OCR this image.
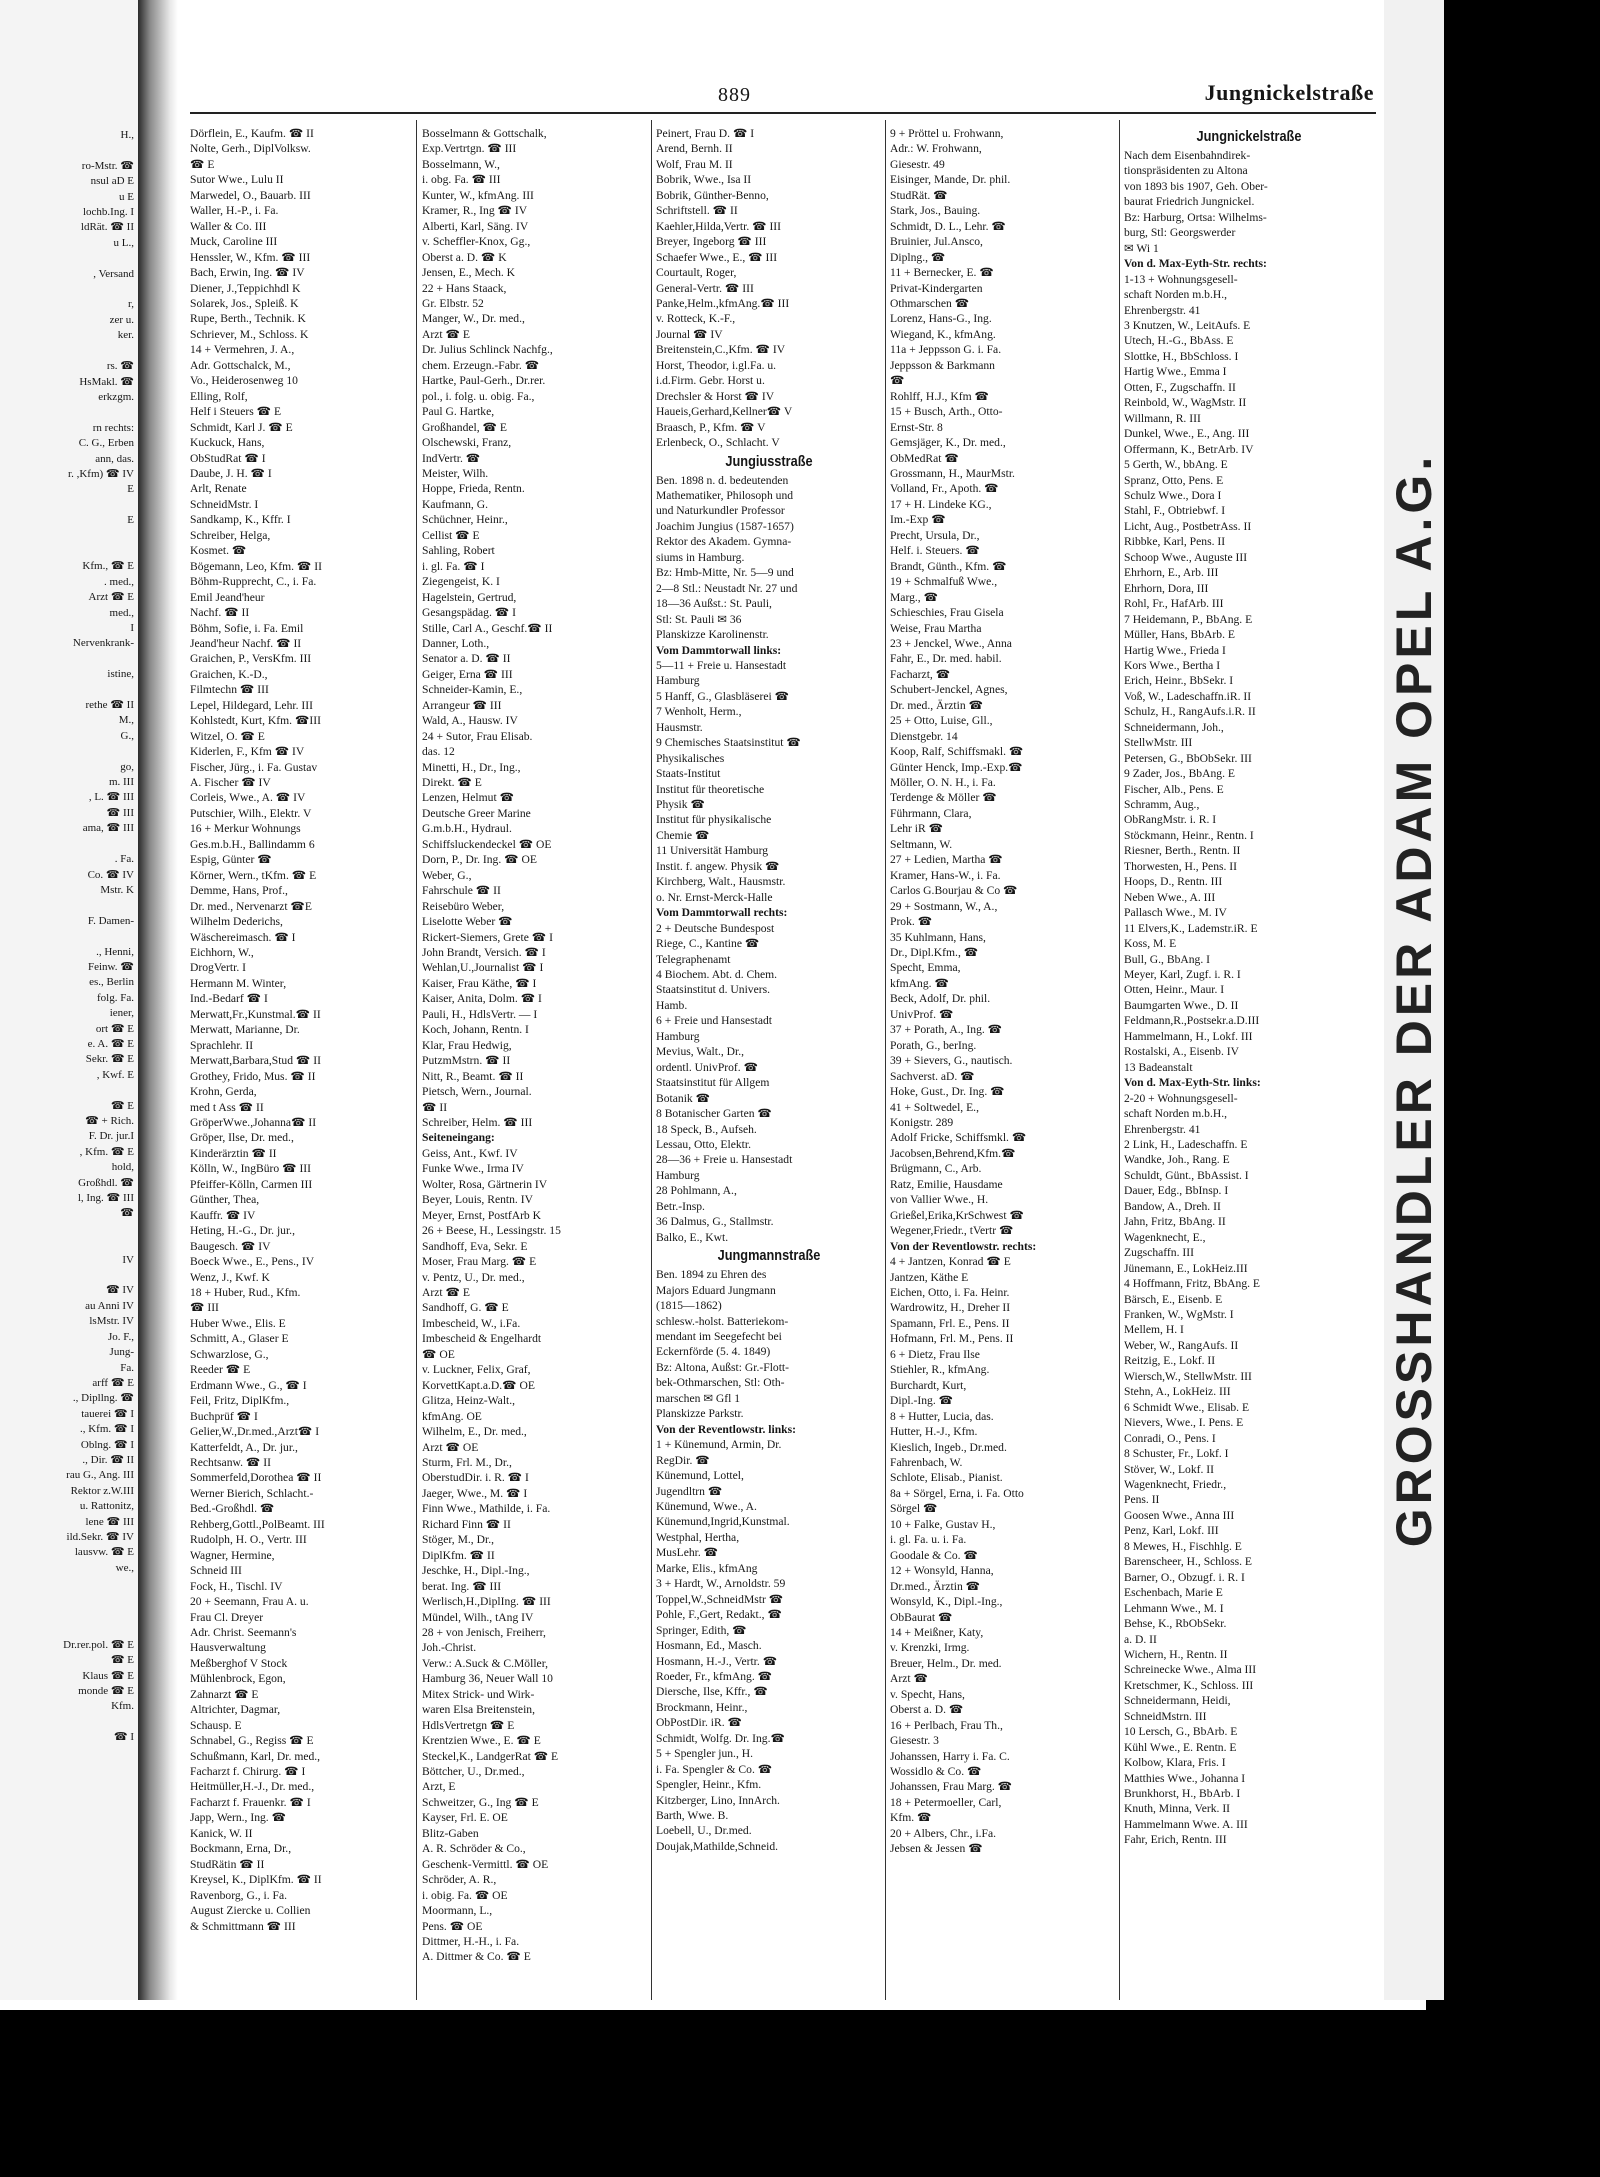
H.,

ro-Mstr. ☎
nsul aD E
u E
lochb.Ing. I
ldRät. ☎ II
u L.,

, Versand

r,
zer u.
ker.

rs. ☎
HsMakl. ☎
erkzgm.

rn rechts:
C. G., Erben
ann, das.
r. ,Kfm) ☎ IV
E

E

Kfm., ☎ E
. med.,
Arzt ☎ E
med.,
I
Nervenkrank-

istine,

rethe ☎ II
M.,
G.,

go,
m. III
, L. ☎ III
☎ III
ama, ☎ III

. Fa.
Co. ☎ IV
Mstr. K

F. Damen-

., Henni,
Feinw. ☎
es., Berlin
folg. Fa.
iener,
ort ☎ E
e. A. ☎ E
Sekr. ☎ E
, Kwf. E

☎ E
☎ + Rich.
F. Dr. jur.I
, Kfm. ☎ E
hold,
Großhdl. ☎
l, Ing. ☎ III
☎

IV

☎ IV
au Anni IV
lsMstr. IV
Jo. F.,
Jung-
Fa.
arff ☎ E
., Dipllng. ☎
tauerei ☎ I
., Kfm. ☎ I
Oblng. ☎ I
., Dir. ☎ II
rau G., Ang. III
Rektor z.W.III
u. Rattonitz,
lene ☎ III
ild.Sekr. ☎ IV
lausvw. ☎ E
we.,

Dr.rer.pol. ☎ E
☎ E
Klaus ☎ E
monde ☎ E
Kfm.

☎ I
889	Jungnickelstraße
Dörflein, E., Kaufm. ☎ II
Nolte, Gerh., DiplVolksw.
☎ E
Sutor Wwe., Lulu II
Marwedel, O., Bauarb. III
Waller, H.-P., i. Fa.
Waller & Co. III
Muck, Caroline III
Henssler, W., Kfm. ☎ III
Bach, Erwin, Ing. ☎ IV
Diener, J.,Teppichhdl K
Solarek, Jos., Spleiß. K
Rupe, Berth., Technik. K
Schriever, M., Schloss. K
14 + Vermehren, J. A.,
Adr. Gottschalck, M.,
Vo., Heiderosenweg 10
Elling, Rolf,
Helf i Steuers ☎ E
Schmidt, Karl J. ☎ E
Kuckuck, Hans,
ObStudRat ☎ I
Daube, J. H. ☎ I
Arlt, Renate
SchneidMstr. I
Sandkamp, K., Kffr. I
Schreiber, Helga,
Kosmet. ☎
Bögemann, Leo, Kfm. ☎ II
Böhm-Rupprecht, C., i. Fa.
Emil Jeand'heur
Nachf. ☎ II
Böhm, Sofie, i. Fa. Emil
Jeand'heur Nachf. ☎ II
Graichen, P., VersKfm. III
Graichen, K.-D.,
Filmtechn ☎ III
Lepel, Hildegard, Lehr. III
Kohlstedt, Kurt, Kfm. ☎III
Witzel, O. ☎ E
Kiderlen, F., Kfm ☎ IV
Fischer, Jürg., i. Fa. Gustav
A. Fischer ☎ IV
Corleis, Wwe., A. ☎ IV
Putschier, Wilh., Elektr. V
16 + Merkur Wohnungs
Ges.m.b.H., Ballindamm 6
Espig, Günter ☎
Körner, Wern., tKfm. ☎ E
Demme, Hans, Prof.,
Dr. med., Nervenarzt ☎E
Wilhelm Dederichs,
Wäschereimasch. ☎ I
Eichhorn, W.,
DrogVertr. I
Hermann M. Winter,
Ind.-Bedarf ☎ I
Merwatt,Fr.,Kunstmal.☎ II
Merwatt, Marianne, Dr.
Sprachlehr. II
Merwatt,Barbara,Stud ☎ II
Grothey, Frido, Mus. ☎ II
Krohn, Gerda,
med t Ass ☎ II
GröperWwe.,Johanna☎ II
Gröper, Ilse, Dr. med.,
Kinderärztin ☎ II
Kölln, W., IngBüro ☎ III
Pfeiffer-Kölln, Carmen III
Günther, Thea,
Kauffr. ☎ IV
Heting, H.-G., Dr. jur.,
Baugesch. ☎ IV
Boeck Wwe., E., Pens., IV
Wenz, J., Kwf. K
18 + Huber, Rud., Kfm.
☎ III
Huber Wwe., Elis. E
Schmitt, A., Glaser E
Schwarzlose, G.,
Reeder ☎ E
Erdmann Wwe., G., ☎ I
Feil, Fritz, DiplKfm.,
Buchprüf ☎ I
Gelier,W.,Dr.med.,Arzt☎ I
Katterfeldt, A., Dr. jur.,
Rechtsanw. ☎ II
Sommerfeld,Dorothea ☎ II
Werner Bierich, Schlacht.-
Bed.-Großhdl. ☎
Rehberg,Gottl.,PolBeamt. III
Rudolph, H. O., Vertr. III
Wagner, Hermine,
Schneid III
Fock, H., Tischl. IV
20 + Seemann, Frau A. u.
Frau Cl. Dreyer
Adr. Christ. Seemann's
Hausverwaltung
Meßberghof V Stock
Mühlenbrock, Egon,
Zahnarzt ☎ E
Altrichter, Dagmar,
Schausp. E
Schnabel, G., Regiss ☎ E
Schußmann, Karl, Dr. med.,
Facharzt f. Chirurg. ☎ I
Heitmüller,H.-J., Dr. med.,
Facharzt f. Frauenkr. ☎ I
Japp, Wern., Ing. ☎
Kanick, W. II
Bockmann, Erna, Dr.,
StudRätin ☎ II
Kreysel, K., DiplKfm. ☎ II
Ravenborg, G., i. Fa.
August Ziercke u. Collien
& Schmittmann ☎ III
Bosselmann & Gottschalk,
Exp.Vertrtgn. ☎ III
Bosselmann, W.,
i. obg. Fa. ☎ III
Kunter, W., kfmAng. III
Kramer, R., Ing ☎ IV
Alberti, Karl, Säng. IV
v. Scheffler-Knox, Gg.,
Oberst a. D. ☎ K
Jensen, E., Mech. K
22 + Hans Staack,
Gr. Elbstr. 52
Manger, W., Dr. med.,
Arzt ☎ E
Dr. Julius Schlinck Nachfg.,
chem. Erzeugn.-Fabr. ☎
Hartke, Paul-Gerh., Dr.rer.
pol., i. folg. u. obig. Fa.,
Paul G. Hartke,
Großhandel, ☎ E
Olschewski, Franz,
IndVertr. ☎
Meister, Wilh.
Hoppe, Frieda, Rentn.
Kaufmann, G.
Schüchner, Heinr.,
Cellist ☎ E
Sahling, Robert
i. gl. Fa. ☎ I
Ziegengeist, K. I
Hagelstein, Gertrud,
Gesangspädag. ☎ I
Stille, Carl A., Geschf.☎ II
Danner, Loth.,
Senator a. D. ☎ II
Geiger, Erna ☎ III
Schneider-Kamin, E.,
Arrangeur ☎ III
Wald, A., Hausw. IV
24 + Sutor, Frau Elisab.
das. 12
Minetti, H., Dr., Ing.,
Direkt. ☎ E
Lenzen, Helmut ☎
Deutsche Greer Marine
G.m.b.H., Hydraul.
Schiffsluckendeckel ☎ OE
Dorn, P., Dr. Ing. ☎ OE
Weber, G.,
Fahrschule ☎ II
Reisebüro Weber,
Liselotte Weber ☎
Rickert-Siemers, Grete ☎ I
John Brandt, Versich. ☎ I
Wehlan,U.,Journalist ☎ I
Kaiser, Frau Käthe, ☎ I
Kaiser, Anita, Dolm. ☎ I
Pauli, H., HdlsVertr. — I
Koch, Johann, Rentn. I
Klar, Frau Hedwig,
PutzmMstrn. ☎ II
Nitt, R., Beamt. ☎ II
Pietsch, Wern., Journal.
☎ II
Schreiber, Helm. ☎ III
Seiteneingang:
Geiss, Ant., Kwf. IV
Funke Wwe., Irma IV
Wolter, Rosa, Gärtnerin IV
Beyer, Louis, Rentn. IV
Meyer, Ernst, PostfArb K
26 + Beese, H., Lessingstr. 15
Sandhoff, Eva, Sekr. E
Moser, Frau Marg. ☎ E
v. Pentz, U., Dr. med.,
Arzt ☎ E
Sandhoff, G. ☎ E
Imbescheid, W., i.Fa.
Imbescheid & Engelhardt
☎ OE
v. Luckner, Felix, Graf,
KorvettKapt.a.D.☎ OE
Glitza, Heinz-Walt.,
kfmAng. OE
Wilhelm, E., Dr. med.,
Arzt ☎ OE
Sturm, Frl. M., Dr.,
OberstudDir. i. R. ☎ I
Jaeger, Wwe., M. ☎ I
Finn Wwe., Mathilde, i. Fa.
Richard Finn ☎ II
Stöger, M., Dr.,
DiplKfm. ☎ II
Jeschke, H., Dipl.-Ing.,
berat. Ing. ☎ III
Werlisch,H.,DiplIng. ☎ III
Mündel, Wilh., tAng IV
28 + von Jenisch, Freiherr,
Joh.-Christ.
Verw.: A.Suck & C.Möller,
Hamburg 36, Neuer Wall 10
Mitex Strick- und Wirk-
waren Elsa Breitenstein,
HdlsVertretgn ☎ E
Krentzien Wwe., E. ☎ E
Steckel,K., LandgerRat ☎ E
Böttcher, U., Dr.med.,
Arzt, E
Schweitzer, G., Ing ☎ E
Kayser, Frl. E. OE
Blitz-Gaben
A. R. Schröder & Co.,
Geschenk-Vermittl. ☎ OE
Schröder, A. R.,
i. obig. Fa. ☎ OE
Moormann, L.,
Pens. ☎ OE
Dittmer, H.-H., i. Fa.
A. Dittmer & Co. ☎ E
Peinert, Frau D. ☎ I
Arend, Bernh. II
Wolf, Frau M. II
Bobrik, Wwe., Isa II
Bobrik, Günther-Benno,
Schriftstell. ☎ II
Kaehler,Hilda,Vertr. ☎ III
Breyer, Ingeborg ☎ III
Schaefer Wwe., E., ☎ III
Courtault, Roger,
General-Vertr. ☎ III
Panke,Helm.,kfmAng.☎ III
v. Rotteck, K.-F.,
Journal ☎ IV
Breitenstein,C.,Kfm. ☎ IV
Horst, Theodor, i.gl.Fa. u.
i.d.Firm. Gebr. Horst u.
Drechsler & Horst ☎ IV
Haueis,Gerhard,Kellner☎ V
Braasch, P., Kfm. ☎ V
Erlenbeck, O., Schlacht. V
Jungiusstraße
Ben. 1898 n. d. bedeutenden
Mathematiker, Philosoph und
und Naturkundler Professor
Joachim Jungius (1587-1657)
Rektor des Akadem. Gymna-
siums in Hamburg.
Bz: Hmb-Mitte, Nr. 5—9 und
2—8 Stl.: Neustadt Nr. 27 und
18—36 Außst.: St. Pauli,
Stl: St. Pauli ✉ 36
Planskizze Karolinenstr.
Vom Dammtorwall links:
5—11 + Freie u. Hansestadt
Hamburg
5 Hanff, G., Glasbläserei ☎
7 Wenholt, Herm.,
Hausmstr.
9 Chemisches Staatsinstitut ☎
Physikalisches
Staats-Institut
Institut für theoretische
Physik ☎
Institut für physikalische
Chemie ☎
11 Universität Hamburg
Instit. f. angew. Physik ☎
Kirchberg, Walt., Hausmstr.
o. Nr. Ernst-Merck-Halle
Vom Dammtorwall rechts:
2 + Deutsche Bundespost
Riege, C., Kantine ☎
Telegraphenamt
4 Biochem. Abt. d. Chem.
Staatsinstitut d. Univers.
Hamb.
6 + Freie und Hansestadt
Hamburg
Mevius, Walt., Dr.,
ordentl. UnivProf. ☎
Staatsinstitut für Allgem
Botanik ☎
8 Botanischer Garten ☎
18 Speck, B., Aufseh.
Lessau, Otto, Elektr.
28—36 + Freie u. Hansestadt
Hamburg
28 Pohlmann, A.,
Betr.-Insp.
36 Dalmus, G., Stallmstr.
Balko, E., Kwt.
Jungmannstraße
Ben. 1894 zu Ehren des
Majors Eduard Jungmann
(1815—1862)
schlesw.-holst. Batteriekom-
mendant im Seegefecht bei
Eckernförde (5. 4. 1849)
Bz: Altona, Außst: Gr.-Flott-
bek-Othmarschen, Stl: Oth-
marschen ✉ Gfl 1
Planskizze Parkstr.
Von der Reventlowstr. links:
1 + Künemund, Armin, Dr.
RegDir. ☎
Künemund, Lottel,
Jugendltrn ☎
Künemund, Wwe., A.
Künemund,Ingrid,Kunstmal.
Westphal, Hertha,
MusLehr. ☎
Marke, Elis., kfmAng
3 + Hardt, W., Arnoldstr. 59
Toppel,W.,SchneidMstr ☎
Pohle, F.,Gert, Redakt., ☎
Springer, Edith, ☎
Hosmann, Ed., Masch.
Hosmann, H.-J., Vertr. ☎
Roeder, Fr., kfmAng. ☎
Diersche, Ilse, Kffr., ☎
Brockmann, Heinr.,
ObPostDir. iR. ☎
Schmidt, Wolfg. Dr. Ing.☎
5 + Spengler jun., H.
i. Fa. Spengler & Co. ☎
Spengler, Heinr., Kfm.
Kitzberger, Lino, InnArch.
Barth, Wwe. B.
Loebell, U., Dr.med.
Doujak,Mathilde,Schneid.
9 + Pröttel u. Frohwann,
Adr.: W. Frohwann,
Giesestr. 49
Eisinger, Mande, Dr. phil.
StudRät. ☎
Stark, Jos., Bauing.
Schmidt, D. L., Lehr. ☎
Bruinier, Jul.Ansco,
Diplng., ☎
11 + Bernecker, E. ☎
Privat-Kindergarten
Othmarschen ☎
Lorenz, Hans-G., Ing.
Wiegand, K., kfmAng.
11a + Jeppsson G. i. Fa.
Jeppsson & Barkmann
☎
Rohlff, H.J., Kfm ☎
15 + Busch, Arth., Otto-
Ernst-Str. 8
Gemsjäger, K., Dr. med.,
ObMedRat ☎
Grossmann, H., MaurMstr.
Volland, Fr., Apoth. ☎
17 + H. Lindeke KG.,
Im.-Exp ☎
Precht, Ursula, Dr.,
Helf. i. Steuers. ☎
Brandt, Günth., Kfm. ☎
19 + Schmalfuß Wwe.,
Marg., ☎
Schieschies, Frau Gisela
Weise, Frau Martha
23 + Jenckel, Wwe., Anna
Fahr, E., Dr. med. habil.
Facharzt, ☎
Schubert-Jenckel, Agnes,
Dr. med., Ärztin ☎
25 + Otto, Luise, Gll.,
Dienstgebr. 14
Koop, Ralf, Schiffsmakl. ☎
Günter Henck, Imp.-Exp.☎
Möller, O. N. H., i. Fa.
Terdenge & Möller ☎
Führmann, Clara,
Lehr iR ☎
Seltmann, W.
27 + Ledien, Martha ☎
Kramer, Hans-W., i. Fa.
Carlos G.Bourjau & Co ☎
29 + Sostmann, W., A.,
Prok. ☎
35 Kuhlmann, Hans,
Dr., Dipl.Kfm., ☎
Specht, Emma,
kfmAng. ☎
Beck, Adolf, Dr. phil.
UnivProf. ☎
37 + Porath, A., Ing. ☎
Porath, G., berIng.
39 + Sievers, G., nautisch.
Sachverst. aD. ☎
Hoke, Gust., Dr. Ing. ☎
41 + Soltwedel, E.,
Konigstr. 289
Adolf Fricke, Schiffsmkl. ☎
Jacobsen,Behrend,Kfm.☎
Brügmann, C., Arb.
Ratz, Emilie, Hausdame
von Vallier Wwe., H.
Grießel,Erika,KrSchwest ☎
Wegener,Friedr., tVertr ☎
Von der Reventlowstr. rechts:
4 + Jantzen, Konrad ☎ E
Jantzen, Käthe E
Eichen, Otto, i. Fa. Heinr.
Wardrowitz, H., Dreher II
Spamann, Frl. E., Pens. II
Hofmann, Frl. M., Pens. II
6 + Dietz, Frau Ilse
Stiehler, R., kfmAng.
Burchardt, Kurt,
Dipl.-Ing. ☎
8 + Hutter, Lucia, das.
Hutter, H.-J., Kfm.
Kieslich, Ingeb., Dr.med.
Fahrenbach, W.
Schlote, Elisab., Pianist.
8a + Sörgel, Erna, i. Fa. Otto
Sörgel ☎
10 + Falke, Gustav H.,
i. gl. Fa. u. i. Fa.
Goodale & Co. ☎
12 + Wonsyld, Hanna,
Dr.med., Ärztin ☎
Wonsyld, K., Dipl.-Ing.,
ObBaurat ☎
14 + Meißner, Katy,
v. Krenzki, Irmg.
Breuer, Helm., Dr. med.
Arzt ☎
v. Specht, Hans,
Oberst a. D. ☎
16 + Perlbach, Frau Th.,
Giesestr. 3
Johanssen, Harry i. Fa. C.
Wossidlo & Co. ☎
Johanssen, Frau Marg. ☎
18 + Petermoeller, Carl,
Kfm. ☎
20 + Albers, Chr., i.Fa.
Jebsen & Jessen ☎
Jungnickelstraße
Nach dem Eisenbahndirek-
tionspräsidenten zu Altona
von 1893 bis 1907, Geh. Ober-
baurat Friedrich Jungnickel.
Bz: Harburg, Ortsa: Wilhelms-
burg, Stl: Georgswerder
✉ Wi 1
Von d. Max-Eyth-Str. rechts:
1-13 + Wohnungsgesell-
schaft Norden m.b.H.,
Ehrenbergstr. 41
3 Knutzen, W., LeitAufs. E
Utech, H.-G., BbAss. E
Slottke, H., BbSchloss. I
Hartig Wwe., Emma I
Otten, F., Zugschaffn. II
Reinbold, W., WagMstr. II
Willmann, R. III
Dunkel, Wwe., E., Ang. III
Offermann, K., BetrArb. IV
5 Gerth, W., bbAng. E
Spranz, Otto, Pens. E
Schulz Wwe., Dora I
Stahl, F., Obtriebwf. I
Licht, Aug., PostbetrAss. II
Ribbke, Karl, Pens. II
Schoop Wwe., Auguste III
Ehrhorn, E., Arb. III
Ehrhorn, Dora, III
Rohl, Fr., HafArb. III
7 Heidemann, P., BbAng. E
Müller, Hans, BbArb. E
Hartig Wwe., Frieda I
Kors Wwe., Bertha I
Erich, Heinr., BbSekr. I
Voß, W., Ladeschaffn.iR. II
Schulz, H., RangAufs.i.R. II
Schneidermann, Joh.,
StellwMstr. III
Petersen, G., BbObSekr. III
9 Zader, Jos., BbAng. E
Fischer, Alb., Pens. E
Schramm, Aug.,
ObRangMstr. i. R. I
Stöckmann, Heinr., Rentn. I
Riesner, Berth., Rentn. II
Thorwesten, H., Pens. II
Hoops, D., Rentn. III
Neben Wwe., A. III
Pallasch Wwe., M. IV
11 Elvers,K., Lademstr.iR. E
Koss, M. E
Bull, G., BbAng. I
Meyer, Karl, Zugf. i. R. I
Otten, Heinr., Maur. I
Baumgarten Wwe., D. II
Feldmann,R.,Postsekr.a.D.III
Hammelmann, H., Lokf. III
Rostalski, A., Eisenb. IV
13 Badeanstalt
Von d. Max-Eyth-Str. links:
2-20 + Wohnungsgesell-
schaft Norden m.b.H.,
Ehrenbergstr. 41
2 Link, H., Ladeschaffn. E
Wandke, Joh., Rang. E
Schuldt, Günt., BbAssist. I
Dauer, Edg., BbInsp. I
Bandow, A., Dreh. II
Jahn, Fritz, BbAng. II
Wagenknecht, E.,
Zugschaffn. III
Jünemann, E., LokHeiz.III
4 Hoffmann, Fritz, BbAng. E
Bärsch, E., Eisenb. E
Franken, W., WgMstr. I
Mellem, H. I
Weber, W., RangAufs. II
Reitzig, E., Lokf. II
Wiersch,W., StellwMstr. III
Stehn, A., LokHeiz. III
6 Schmidt Wwe., Elisab. E
Nievers, Wwe., I. Pens. E
Conradi, O., Pens. I
8 Schuster, Fr., Lokf. I
Stöver, W., Lokf. II
Wagenknecht, Friedr.,
Pens. II
Goosen Wwe., Anna III
Penz, Karl, Lokf. III
8 Mewes, H., Fischhlg. E
Barenscheer, H., Schloss. E
Barner, O., Obzugf. i. R. I
Eschenbach, Marie E
Lehmann Wwe., M. I
Behse, K., RbObSekr.
a. D. II
Wichern, H., Rentn. II
Schreinecke Wwe., Alma III
Kretschmer, K., Schloss. III
Schneidermann, Heidi,
SchneidMstrn. III
10 Lersch, G., BbArb. E
Kühl Wwe., E. Rentn. E
Kolbow, Klara, Fris. I
Matthies Wwe., Johanna I
Brunkhorst, H., BbArb. I
Knuth, Minna, Verk. II
Hammelmann Wwe. A. III
Fahr, Erich, Rentn. III
GROSSHANDLER DER ADAM OPEL A.G.
